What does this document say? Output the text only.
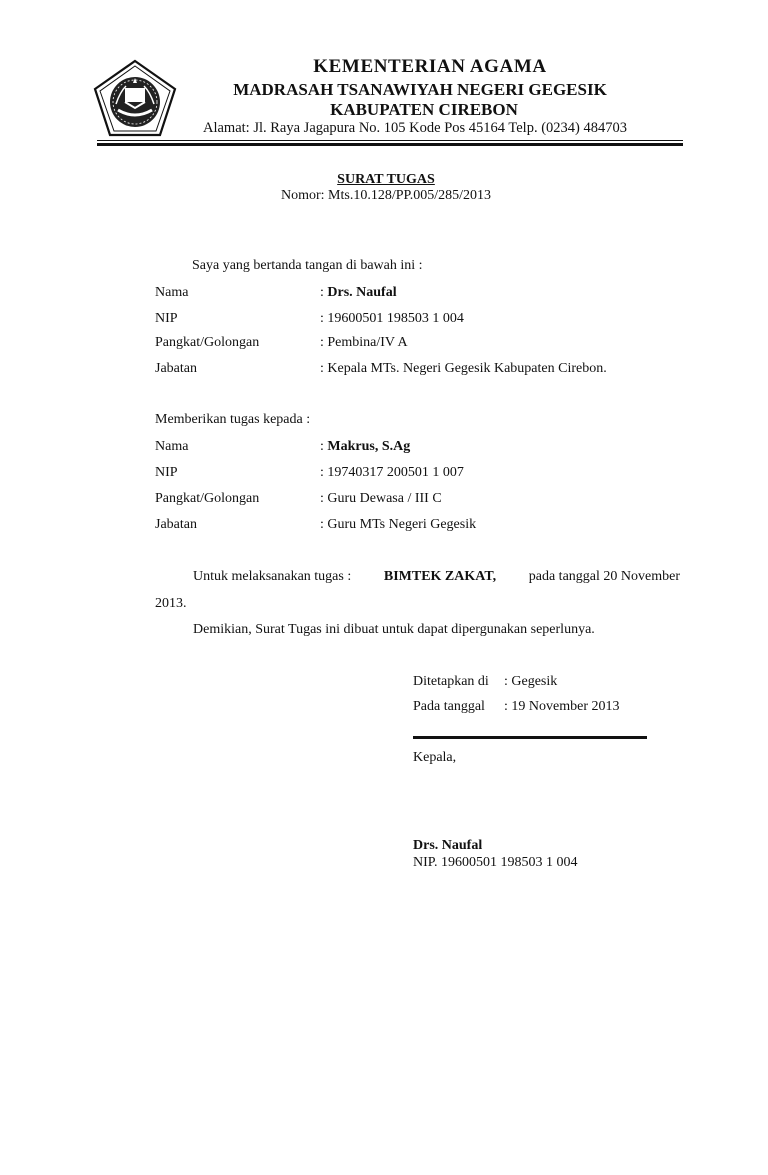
KEMENTERIAN AGAMA
MADRASAH TSANAWIYAH NEGERI GEGESIK
KABUPATEN CIREBON
Alamat: Jl. Raya Jagapura No. 105 Kode Pos 45164 Telp. (0234) 484703
SURAT TUGAS
Nomor: Mts.10.128/PP.005/285/2013
Saya yang bertanda tangan di bawah ini :
Nama	: Drs. Naufal
NIP	: 19600501 198503 1 004
Pangkat/Golongan	: Pembina/IV A
Jabatan	: Kepala MTs. Negeri Gegesik Kabupaten Cirebon.
Memberikan tugas kepada :
Nama	: Makrus, S.Ag
NIP	: 19740317 200501 1 007
Pangkat/Golongan	: Guru Dewasa / III C
Jabatan	: Guru MTs Negeri Gegesik
Untuk melaksanakan tugas : BIMTEK ZAKAT, pada tanggal 20 November
2013.
Demikian, Surat Tugas ini dibuat untuk dapat dipergunakan seperlunya.
Ditetapkan di : Gegesik
Pada tanggal : 19 November 2013
Kepala,
Drs. Naufal
NIP. 19600501 198503 1 004
